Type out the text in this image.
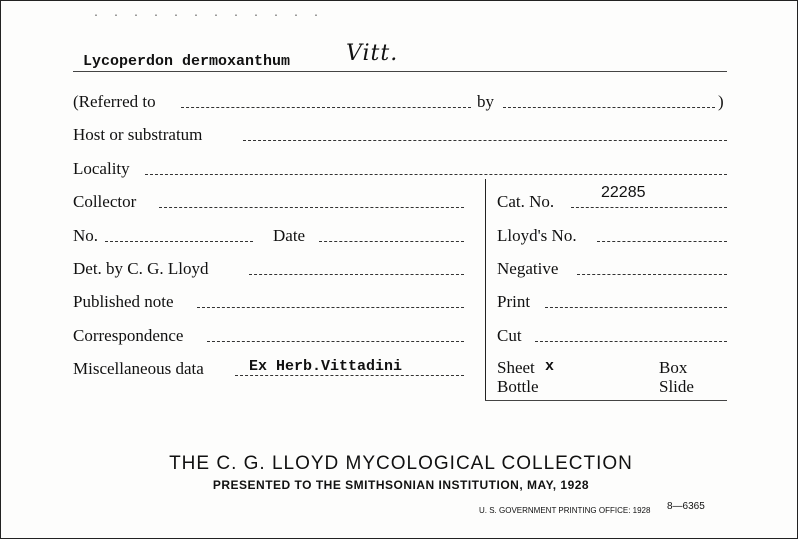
· · · · · · · · · · · ·
Lycoperdon dermoxanthum	Vitt.
(Referred to	by	)
Host or substratum
Locality
Collector	Cat. No.	22285
No.	Date	Lloyd's No.
Det. by C. G. Lloyd	Negative
Published note	Print
Correspondence	Cut
Miscellaneous data	Ex Herb.Vittadini	Sheet x	Box
Bottle	Slide
THE C. G. LLOYD MYCOLOGICAL COLLECTION
PRESENTED TO THE SMITHSONIAN INSTITUTION, MAY, 1928
U. S. GOVERNMENT PRINTING OFFICE: 1928 8—6365
